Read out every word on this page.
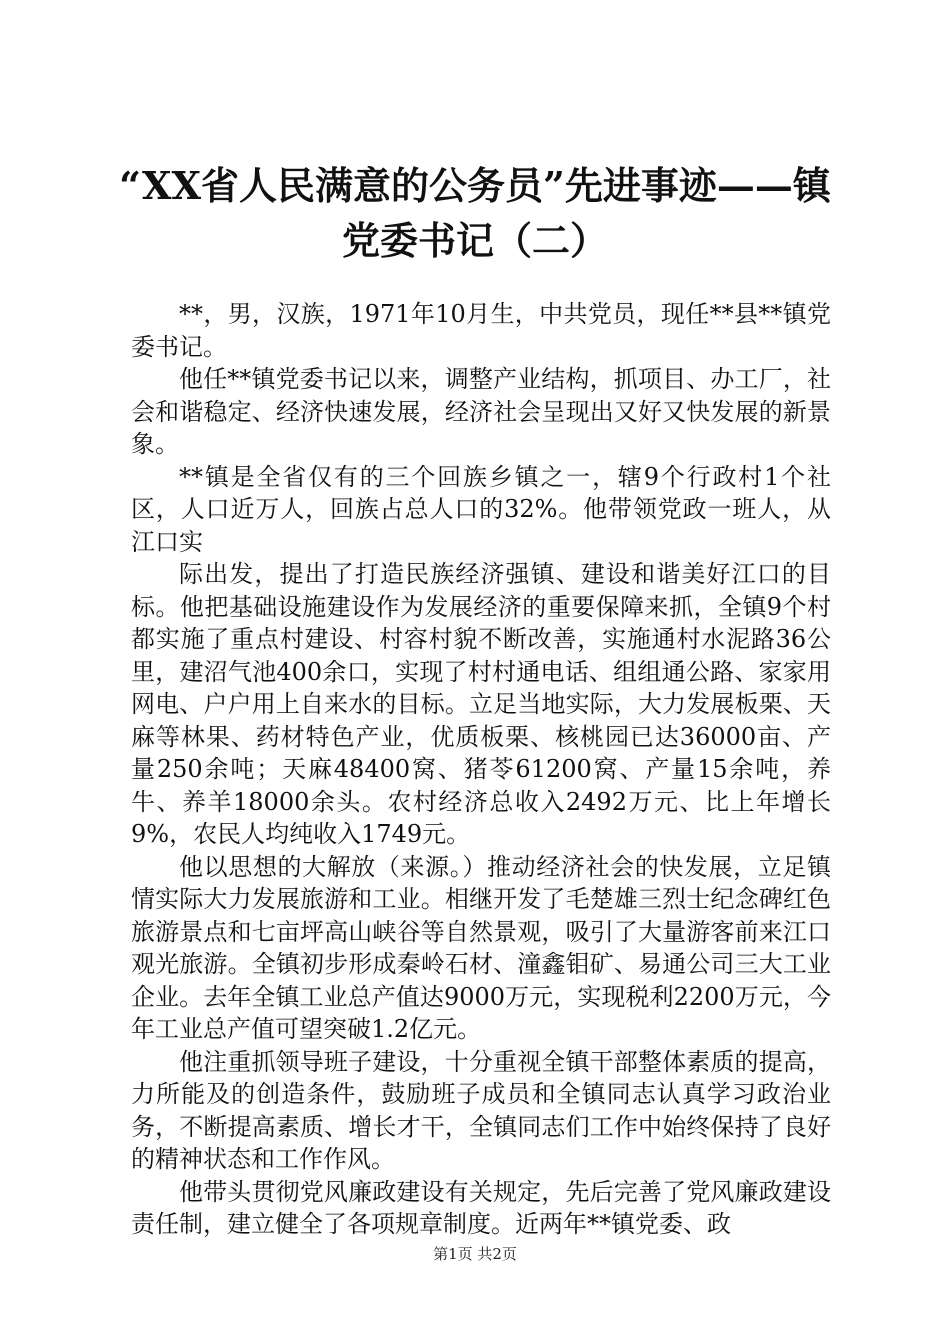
“XX省人民满意的公务员”先进事迹——镇
党委书记（二）

**，男，汉族，1971年10月生，中共党员，现任**县**镇党委书记。

他任**镇党委书记以来，调整产业结构，抓项目、办工厂，社会和谐稳定、经济快速发展，经济社会呈现出又好又快发展的新景象。

**镇是全省仅有的三个回族乡镇之一，辖9个行政村1个社区，人口近万人，回族占总人口的32%。他带领党政一班人，从江口实

际出发，提出了打造民族经济强镇、建设和谐美好江口的目标。他把基础设施建设作为发展经济的重要保障来抓，全镇9个村都实施了重点村建设、村容村貌不断改善，实施通村水泥路36公里，建沼气池400余口，实现了村村通电话、组组通公路、家家用网电、户户用上自来水的目标。立足当地实际，大力发展板栗、天麻等林果、药材特色产业，优质板栗、核桃园已达36000亩、产量250余吨；天麻48400窝、猪苓61200窝、产量15余吨，养牛、养羊18000余头。农村经济总收入2492万元、比上年增长9%，农民人均纯收入1749元。

他以思想的大解放（来源。）推动经济社会的快发展，立足镇情实际大力发展旅游和工业。相继开发了毛楚雄三烈士纪念碑红色旅游景点和七亩坪高山峡谷等自然景观，吸引了大量游客前来江口观光旅游。全镇初步形成秦岭石材、潼鑫钼矿、易通公司三大工业企业。去年全镇工业总产值达9000万元，实现税利2200万元，今年工业总产值可望突破1.2亿元。

他注重抓领导班子建设，十分重视全镇干部整体素质的提高，力所能及的创造条件，鼓励班子成员和全镇同志认真学习政治业务，不断提高素质、增长才干，全镇同志们工作中始终保持了良好的精神状态和工作作风。

他带头贯彻党风廉政建设有关规定，先后完善了党风廉政建设责任制，建立健全了各项规章制度。近两年**镇党委、政

第1页 共2页
